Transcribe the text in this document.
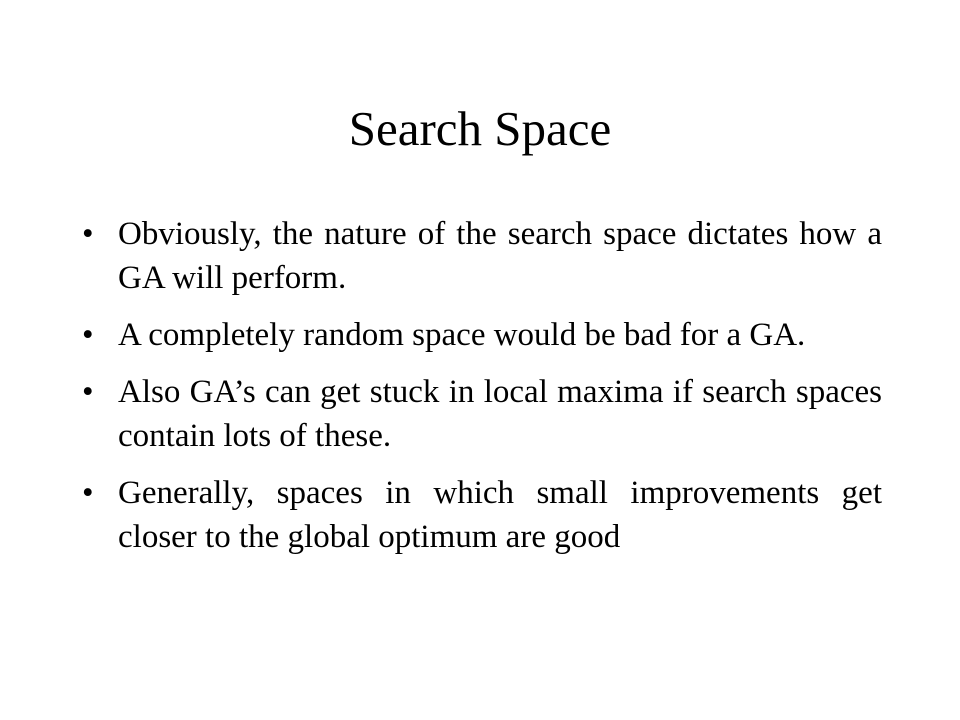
Search Space
• Obviously, the nature of the search space dictates how a GA will perform.
• A completely random space would be bad for a GA.
• Also GA’s can get stuck in local maxima if search spaces contain lots of these.
• Generally, spaces in which small improvements get closer to the global optimum are good
